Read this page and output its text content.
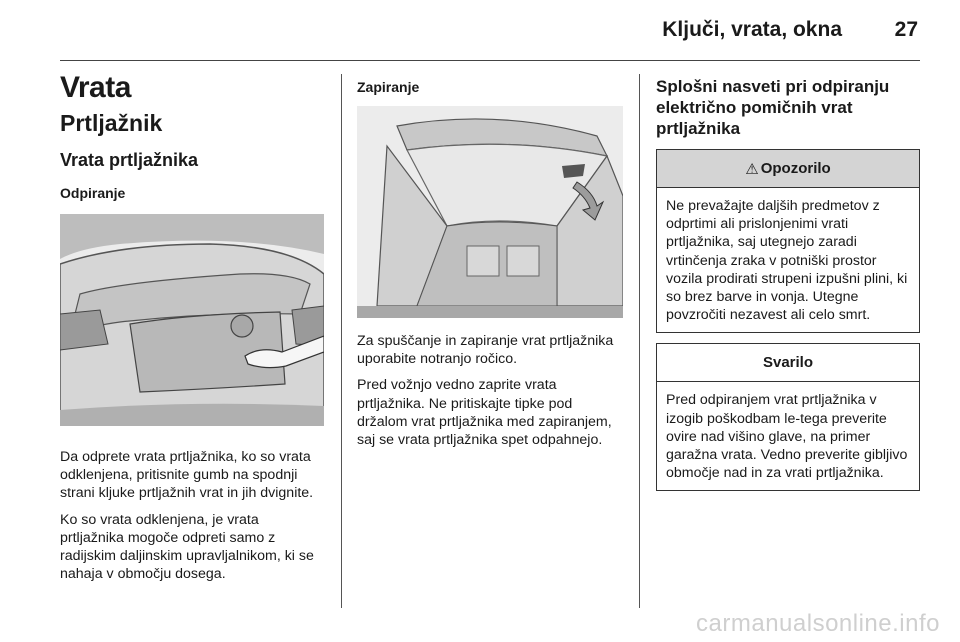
Ključi, vrata, okna	27
Vrata
Prtljažnik
Vrata prtljažnika
Odpiranje

Da odprete vrata prtljažnika, ko so vrata odklenjena, pritisnite gumb na spodnji strani kljuke prtljažnih vrat in jih dvignite.

Ko so vrata odklenjena, je vrata prtljažnika mogoče odpreti samo z radijskim daljinskim upravljalnikom, ki se nahaja v območju dosega.

Zapiranje

Za spuščanje in zapiranje vrat prtljažnika uporabite notranjo ročico.

Pred vožnjo vedno zaprite vrata prtljažnika. Ne pritiskajte tipke pod držalom vrat prtljažnika med zapiranjem, saj se vrata prtljažnika spet odpahnejo.

Splošni nasveti pri odpiranju električno pomičnih vrat prtljažnika
⚠ Opozorilo
Ne prevažajte daljših predmetov z odprtimi ali prislonjenimi vrati prtljažnika, saj utegnejo zaradi vrtinčenja zraka v potniški prostor vozila prodirati strupeni izpušni plini, ki so brez barve in vonja. Utegne povzročiti nezavest ali celo smrt.
Svarilo
Pred odpiranjem vrat prtljažnika v izogib poškodbam le-tega preverite ovire nad višino glave, na primer garažna vrata. Vedno preverite gibljivo območje nad in za vrati prtljažnika.
carmanualsonline.info
